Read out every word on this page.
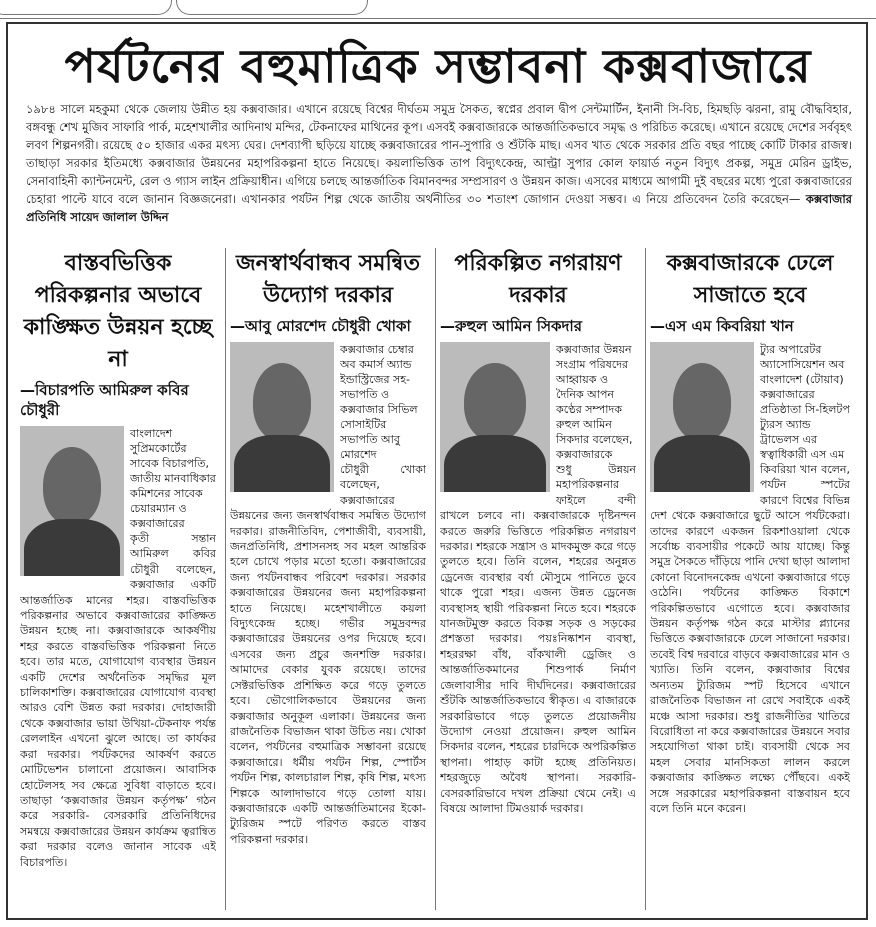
পর্যটনের বহুমাত্রিক সম্ভাবনা কক্সবাজারে
১৯৮৪ সালে মহকুমা থেকে জেলায় উন্নীত হয় কক্সবাজার। এখানে রয়েছে বিশ্বের দীর্ঘতম সমুদ্র সৈকত, স্বপ্নের প্রবাল দ্বীপ সেন্টমার্টিন, ইনানী সি-বিচ, হিমছড়ি ঝরনা, রামু বৌদ্ধবিহার, বঙ্গবন্ধু শেখ মুজিব সাফারি পার্ক, মহেশখালীর আদিনাথ মন্দির, টেকনাফের মাথিনের কূপ। এসবই কক্সবাজারকে আন্তর্জাতিকভাবে সমৃদ্ধ ও পরিচিত করেছে। এখানে রয়েছে দেশের সর্ববৃহৎ লবণ শিল্পনগরী। রয়েছে ৫০ হাজার একর মৎস্য ঘের। দেশব্যাপী ছড়িয়ে যাচ্ছে কক্সবাজারের পান-সুপারি ও শুঁটকি মাছ। এসব খাত থেকে সরকার প্রতি বছর পাচ্ছে কোটি টাকার রাজস্ব। তাছাড়া সরকার ইতিমধ্যে কক্সবাজার উন্নয়নের মহাপরিকল্পনা হাতে নিয়েছে। কয়লাভিত্তিক তাপ বিদ্যুৎকেন্দ্র, আল্ট্রা সুপার কোল ফায়ার্ড নতুন বিদ্যুৎ প্রকল্প, সমুদ্র মেরিন ড্রাইভ, সেনাবাহিনী ক্যান্টনমেন্ট, রেল ও গ্যাস লাইন প্রক্রিয়াধীন। এগিয়ে চলছে আন্তর্জাতিক বিমানবন্দর সম্প্রসারণ ও উন্নয়ন কাজ। এসবের মাধ্যমে আগামী দুই বছরের মধ্যে পুরো কক্সবাজারের চেহারা পাল্টে যাবে বলে জানান বিজ্ঞজনেরা। এখানকার পর্যটন শিল্প থেকে জাতীয় অর্থনীতির ৩০ শতাংশ জোগান দেওয়া সম্ভব। এ নিয়ে প্রতিবেদন তৈরি করেছেন— কক্সবাজার প্রতিনিধি সায়েদ জালাল উদ্দিন
বাস্তবভিত্তিক পরিকল্পনার অভাবে কাঙ্ক্ষিত উন্নয়ন হচ্ছে না
—বিচারপতি আমিরুল কবির চৌধুরী
বাংলাদেশ সুপ্রিমকোর্টের সাবেক বিচারপতি, জাতীয় মানবাধিকার কমিশনের সাবেক চেয়ারম্যান ও কক্সবাজারের
কৃতী সন্তান আমিরুল কবির চৌধুরী বলেছেন, কক্সবাজার একটি আন্তর্জাতিক মানের শহর। বাস্তবভিত্তিক পরিকল্পনার অভাবে কক্সবাজারের কাঙ্ক্ষিত উন্নয়ন হচ্ছে না। কক্সবাজারকে আকর্ষণীয় শহর করতে বাস্তবভিত্তিক পরিকল্পনা নিতে হবে। তার মতে, যোগাযোগ ব্যবস্থার উন্নয়ন একটি দেশের অর্থনৈতিক সমৃদ্ধির মূল চালিকাশক্তি। কক্সবাজারের যোগাযোগ ব্যবস্থা আরও বেশি উন্নত করা দরকার। দোহাজারী থেকে কক্সবাজার ভায়া উখিয়া-টেকনাফ পর্যন্ত রেললাইন এখনো ঝুলে আছে। তা কার্যকর করা দরকার। পর্যটকদের আকর্ষণ করতে মোটিভেশন চালানো প্রয়োজন। আবাসিক হোটেলসহ সব ক্ষেত্রে সুবিধা বাড়াতে হবে। তাছাড়া ‘কক্সবাজার উন্নয়ন কর্তৃপক্ষ’ গঠন করে সরকারি- বেসরকারি প্রতিনিধিদের সমন্বয়ে কক্সবাজারের উন্নয়ন কার্যক্রম ত্বরান্বিত করা দরকার বলেও জানান সাবেক এই বিচারপতি।
জনস্বার্থবান্ধব সমন্বিত উদ্যোগ দরকার
—আবু মোরশেদ চৌধুরী খোকা
কক্সবাজার চেম্বার অব কমার্স অ্যান্ড ইন্ডাস্ট্রিজের সহ-সভাপতি ও কক্সবাজার সিভিল সোসাইটির সভাপতি আবু মোরশেদ
চৌধুরী খোকা বলেছেন, কক্সবাজারের উন্নয়নের জন্য জনস্বার্থবান্ধব সমন্বিত উদ্যোগ দরকার। রাজনীতিবিদ, পেশাজীবী, ব্যবসায়ী, জনপ্রতিনিধি, প্রশাসনসহ সব মহল আন্তরিক হলে চোখে পড়ার মতো হতো। কক্সবাজারের জন্য পর্যটনবান্ধব পরিবেশ দরকার। সরকার কক্সবাজারের উন্নয়নের জন্য মহাপরিকল্পনা হাতে নিয়েছে। মহেশখালীতে কয়লা বিদ্যুৎকেন্দ্র হচ্ছে। গভীর সমুদ্রবন্দর কক্সবাজারের উন্নয়নের ওপর দিয়েছে হবে। এসবের জন্য প্রচুর জনশক্তি দরকার। আমাদের বেকার যুবক রয়েছে। তাদের সেক্টরভিত্তিক প্রশিক্ষিত করে গড়ে তুলতে হবে। ভৌগোলিকভাবে উন্নয়নের জন্য কক্সবাজার অনুকূল এলাকা। উন্নয়নের জন্য রাজনৈতিক বিভাজন থাকা উচিত নয়। খোকা বলেন, পর্যটনের বহুমাত্রিক সম্ভাবনা রয়েছে কক্সবাজারে। ধর্মীয় পর্যটন শিল্প, স্পোর্টস পর্যটন শিল্প, কালচারাল শিল্প, কৃষি শিল্প, মৎস্য শিল্পকে আলাদাভাবে গড়ে তোলা যায়। কক্সবাজারকে একটি আন্তর্জাতিমানের ইকো-ট্যুরিজম স্পটে পরিণত করতে বাস্তব পরিকল্পনা দরকার।
পরিকল্পিত নগরায়ণ দরকার
—রুহুল আমিন সিকদার
কক্সবাজার উন্নয়ন সংগ্রাম পরিষদের আহ্বায়ক ও দৈনিক আপন কণ্ঠের সম্পাদক রুহুল আমিন সিকদার বলেছেন, কক্সবাজারকে
শুধু উন্নয়ন মহাপরিকল্পনার ফাইলে বন্দী রাখলে চলবে না। কক্সবাজারকে দৃষ্টিনন্দন করতে জরুরি ভিত্তিতে পরিকল্পিত নগরায়ণ দরকার। শহরকে সন্ত্রাস ও মাদকমুক্ত করে গড়ে তুলতে হবে। তিনি বলেন, শহরের অনুন্নত ড্রেনেজ ব্যবস্থার বর্ষা মৌসুমে পানিতে ডুবে থাকে পুরো শহর। এজন্য উন্নত ড্রেনেজ ব্যবস্থাসহ স্থায়ী পরিকল্পনা নিতে হবে। শহরকে যানজটমুক্ত করতে বিকল্প সড়ক ও সড়কের প্রশস্ততা দরকার। পয়ঃনিষ্কাশন ব্যবস্থা, শহররক্ষা বাঁধ, বাঁকখালী ড্রেজিং ও আন্তর্জাতিকমানের শিশুপার্ক নির্মাণ জেলাবাসীর দাবি দীর্ঘদিনের। কক্সবাজারের শুঁটকি আন্তর্জাতিকভাবে স্বীকৃত। এ বাজারকে সরকারিভাবে গড়ে তুলতে প্রয়োজনীয় উদ্যোগ নেওয়া প্রয়োজন। রুহুল আমিন সিকদার বলেন, শহরের চারদিকে অপরিকল্পিত স্থাপনা। পাহাড় কাটা হচ্ছে প্রতিনিয়ত। শহরজুড়ে অবৈধ স্থাপনা। সরকারি-বেসরকারিভাবে দখল প্রক্রিয়া থেমে নেই। এ বিষয়ে আলাদা টিমওয়ার্ক দরকার।
কক্সবাজারকে ঢেলে সাজাতে হবে
—এস এম কিবরিয়া খান
ট্যুর অপারেটর অ্যাসোসিয়েশন অব বাংলাদেশ (টোয়াব) কক্সবাজারের প্রতিষ্ঠাতা সি-হিলটপ ট্যুরস অ্যান্ড ট্রাভেলস এর স্বত্বাধিকারী এস এম
কিবরিয়া খান বলেন, পর্যটন স্পটের কারণে বিশ্বের বিভিন্ন দেশ থেকে কক্সবাজারে ছুটে আসে পর্যটকেরা। তাদের কারণে একজন রিকশাওয়ালা থেকে সর্বোচ্চ ব্যবসায়ীর পকেটে আয় যাচ্ছে। কিন্তু সমুদ্র সৈকতে দাঁড়িয়ে পানি দেখা ছাড়া আলাদা কোনো বিনোদনকেন্দ্র এখনো কক্সবাজারে গড়ে ওঠেনি। পর্যটনের কাঙ্ক্ষিত বিকাশে পরিকল্পিতভাবে এগোতে হবে। কক্সবাজার উন্নয়ন কর্তৃপক্ষ গঠন করে মাস্টার প্ল্যানের ভিত্তিতে কক্সবাজারকে ঢেলে সাজানো দরকার। তবেই বিশ্ব দরবারে বাড়বে কক্সবাজারের মান ও খ্যাতি। তিনি বলেন, কক্সবাজার বিশ্বের অন্যতম ট্যুরিজম স্পট হিসেবে এখানে রাজনৈতিক বিভাজন না রেখে সবাইকে একই মঞ্চে আসা দরকার। শুধু রাজনীতির খাতিরে বিরোধিতা না করে কক্সবাজারের উন্নয়নে সবার সহযোগিতা থাকা চাই। ব্যবসায়ী থেকে সব মহল সেবার মানসিকতা লালন করলে কক্সবাজার কাঙ্ক্ষিত লক্ষ্যে পৌঁছবে। একই সঙ্গে সরকারের মহাপরিকল্পনা বাস্তবায়ন হবে বলে তিনি মনে করেন।
